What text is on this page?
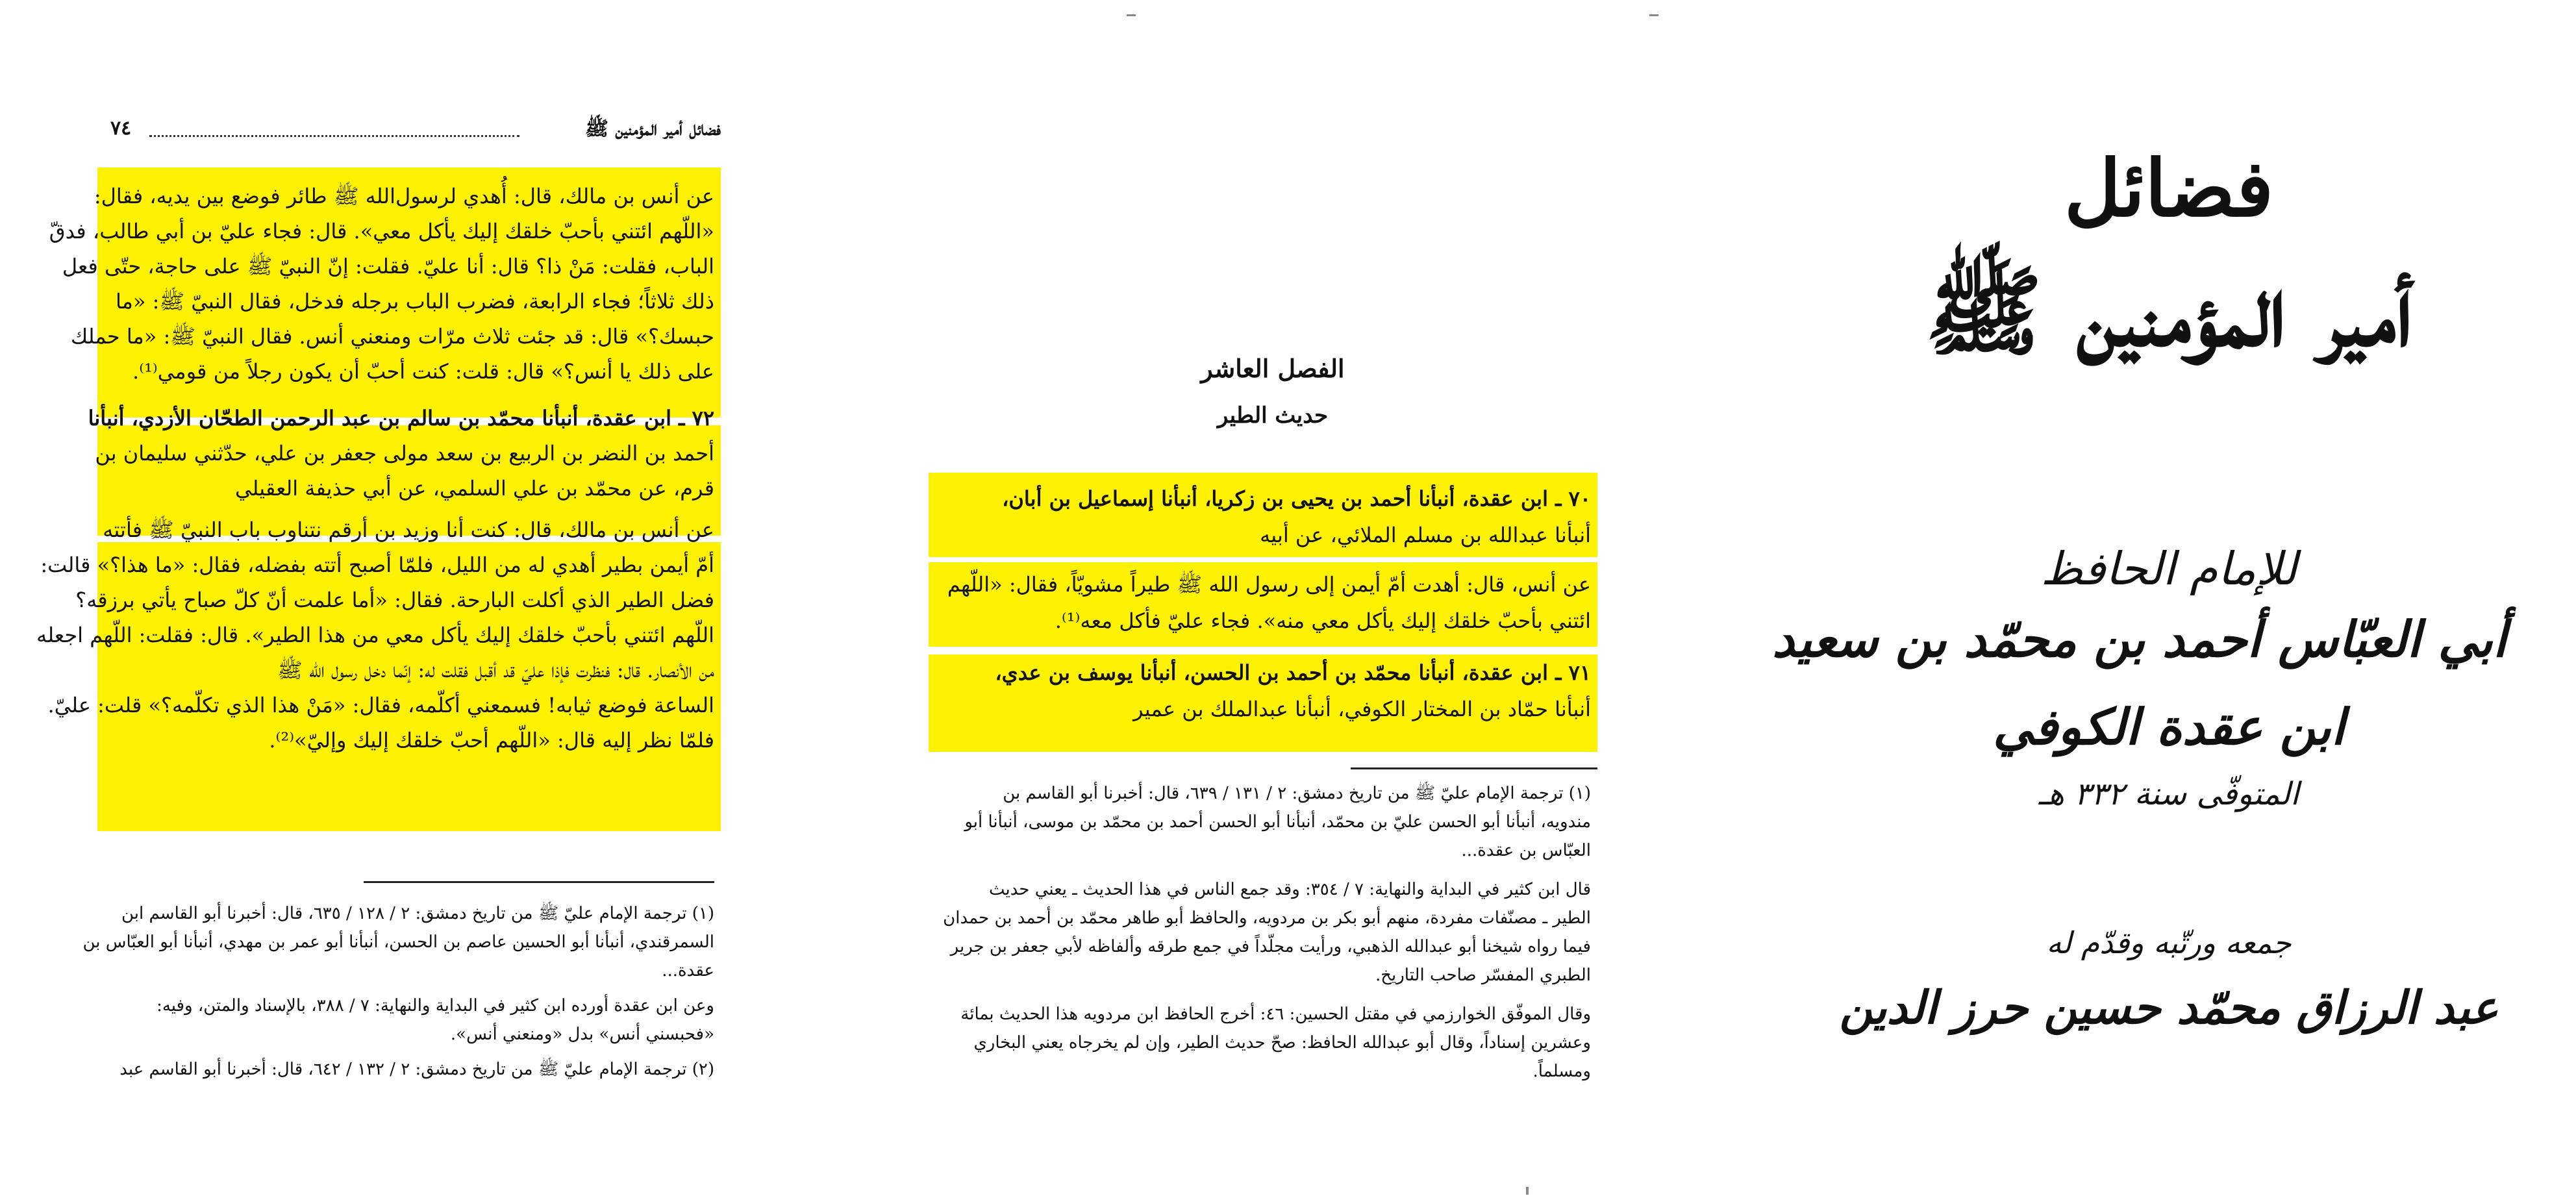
٧٤	فضائل أمير المؤمنين ﷺ
عن أنس بن مالك، قال: أُهدي لرسول‌الله ﷺ طائر فوضع بين يديه، فقال:
«اللّهم ائتني بأحبّ خلقك إليك يأكل معي». قال: فجاء عليّ بن أبي طالب، فدقّ
الباب، فقلت: مَنْ ذا؟ قال: أنا عليّ. فقلت: إنّ النبيّ ﷺ على حاجة، حتّى فعل
ذلك ثلاثاً؛ فجاء الرابعة، فضرب الباب برجله فدخل، فقال النبيّ ﷺ: «ما
حبسك؟» قال: قد جئت ثلاث مرّات ومنعني أنس. فقال النبيّ ﷺ: «ما حملك
على ذلك يا أنس؟» قال: قلت: كنت أحبّ أن يكون رجلاً من قومي⁽¹⁾.
٧٢ ـ ابن عقدة، أنبأنا محمّد بن سالم بن عبد الرحمن الطحّان الأزدي، أنبأنا
أحمد بن النضر بن الربيع بن سعد مولى جعفر بن علي، حدّثني سليمان بن
قرم، عن محمّد بن علي السلمي، عن أبي حذيفة العقيلي
عن أنس بن مالك، قال: كنت أنا وزيد بن أرقم نتناوب باب النبيّ ﷺ فأتته
أمّ أيمن بطير أهدي له من الليل، فلمّا أصبح أتته بفضله، فقال: «ما هذا؟» قالت:
فضل الطير الذي أكلت البارحة. فقال: «أما علمت أنّ كلّ صباح يأتي برزقه؟
اللّهم ائتني بأحبّ خلقك إليك يأكل معي من هذا الطير». قال: فقلت: اللّهم اجعله
من الأنصار. قال: فنظرت فإذا عليّ قد أقبل فقلت له: إنّما دخل رسول الله ﷺ
الساعة فوضع ثيابه! فسمعني أكلّمه، فقال: «مَنْ هذا الذي تكلّمه؟» قلت: عليّ.
فلمّا نظر إليه قال: «اللّهم أحبّ خلقك إليك وإليّ»⁽²⁾.
(١) ترجمة الإمام عليّ ﷺ من تاريخ دمشق: ٢ / ١٢٨ / ٦٣٥، قال: أخبرنا أبو القاسم ابن
السمرقندي، أنبأنا أبو الحسين عاصم بن الحسن، أنبأنا أبو عمر بن مهدي، أنبأنا أبو العبّاس بن
عقدة...
وعن ابن عقدة أورده ابن كثير في البداية والنهاية: ٧ / ٣٨٨، بالإسناد والمتن، وفيه:
«فحبسني أنس» بدل «ومنعني أنس».
(٢) ترجمة الإمام عليّ ﷺ من تاريخ دمشق: ٢ / ١٣٢ / ٦٤٢، قال: أخبرنا أبو القاسم عبد
الفصل العاشر
حديث الطير
٧٠ ـ ابن عقدة، أنبأنا أحمد بن يحيى بن زكريا، أنبأنا إسماعيل بن أبان،
أنبأنا عبدالله بن مسلم الملائي، عن أبيه
عن أنس، قال: أهدت أمّ أيمن إلى رسول الله ﷺ طيراً مشويّاً، فقال: «اللّهم
ائتني بأحبّ خلقك إليك يأكل معي منه». فجاء عليّ فأكل معه⁽¹⁾.
٧١ ـ ابن عقدة، أنبأنا محمّد بن أحمد بن الحسن، أنبأنا يوسف بن عدي،
أنبأنا حمّاد بن المختار الكوفي، أنبأنا عبدالملك بن عمير
(١) ترجمة الإمام عليّ ﷺ من تاريخ دمشق: ٢ / ١٣١ / ٦٣٩، قال: أخبرنا أبو القاسم بن
مندويه، أنبأنا أبو الحسن عليّ بن محمّد، أنبأنا أبو الحسن أحمد بن محمّد بن موسى، أنبأنا أبو
العبّاس بن عقدة...
قال ابن كثير في البداية والنهاية: ٧ / ٣٥٤: وقد جمع الناس في هذا الحديث ـ يعني حديث
الطير ـ مصنّفات مفردة، منهم أبو بكر بن مردويه، والحافظ أبو طاهر محمّد بن أحمد بن حمدان
فيما رواه شيخنا أبو عبدالله الذهبي، ورأيت مجلّداً في جمع طرقه وألفاظه لأبي جعفر بن جرير
الطبري المفسّر صاحب التاريخ.
وقال الموفّق الخوارزمي في مقتل الحسين: ٤٦: أخرج الحافظ ابن مردويه هذا الحديث بمائة
وعشرين إسناداً، وقال أبو عبدالله الحافظ: صحّ حديث الطير، وإن لم يخرجاه يعني البخاري
ومسلماً.
فضائل
أمير المؤمنين ﷺ
للإمام الحافظ
أبي العبّاس أحمد بن محمّد بن سعيد
ابن عقدة الكوفي
المتوفّى سنة ٣٣٢ هـ
جمعه ورتّبه وقدّم له
عبد الرزاق محمّد حسين حرز الدين
